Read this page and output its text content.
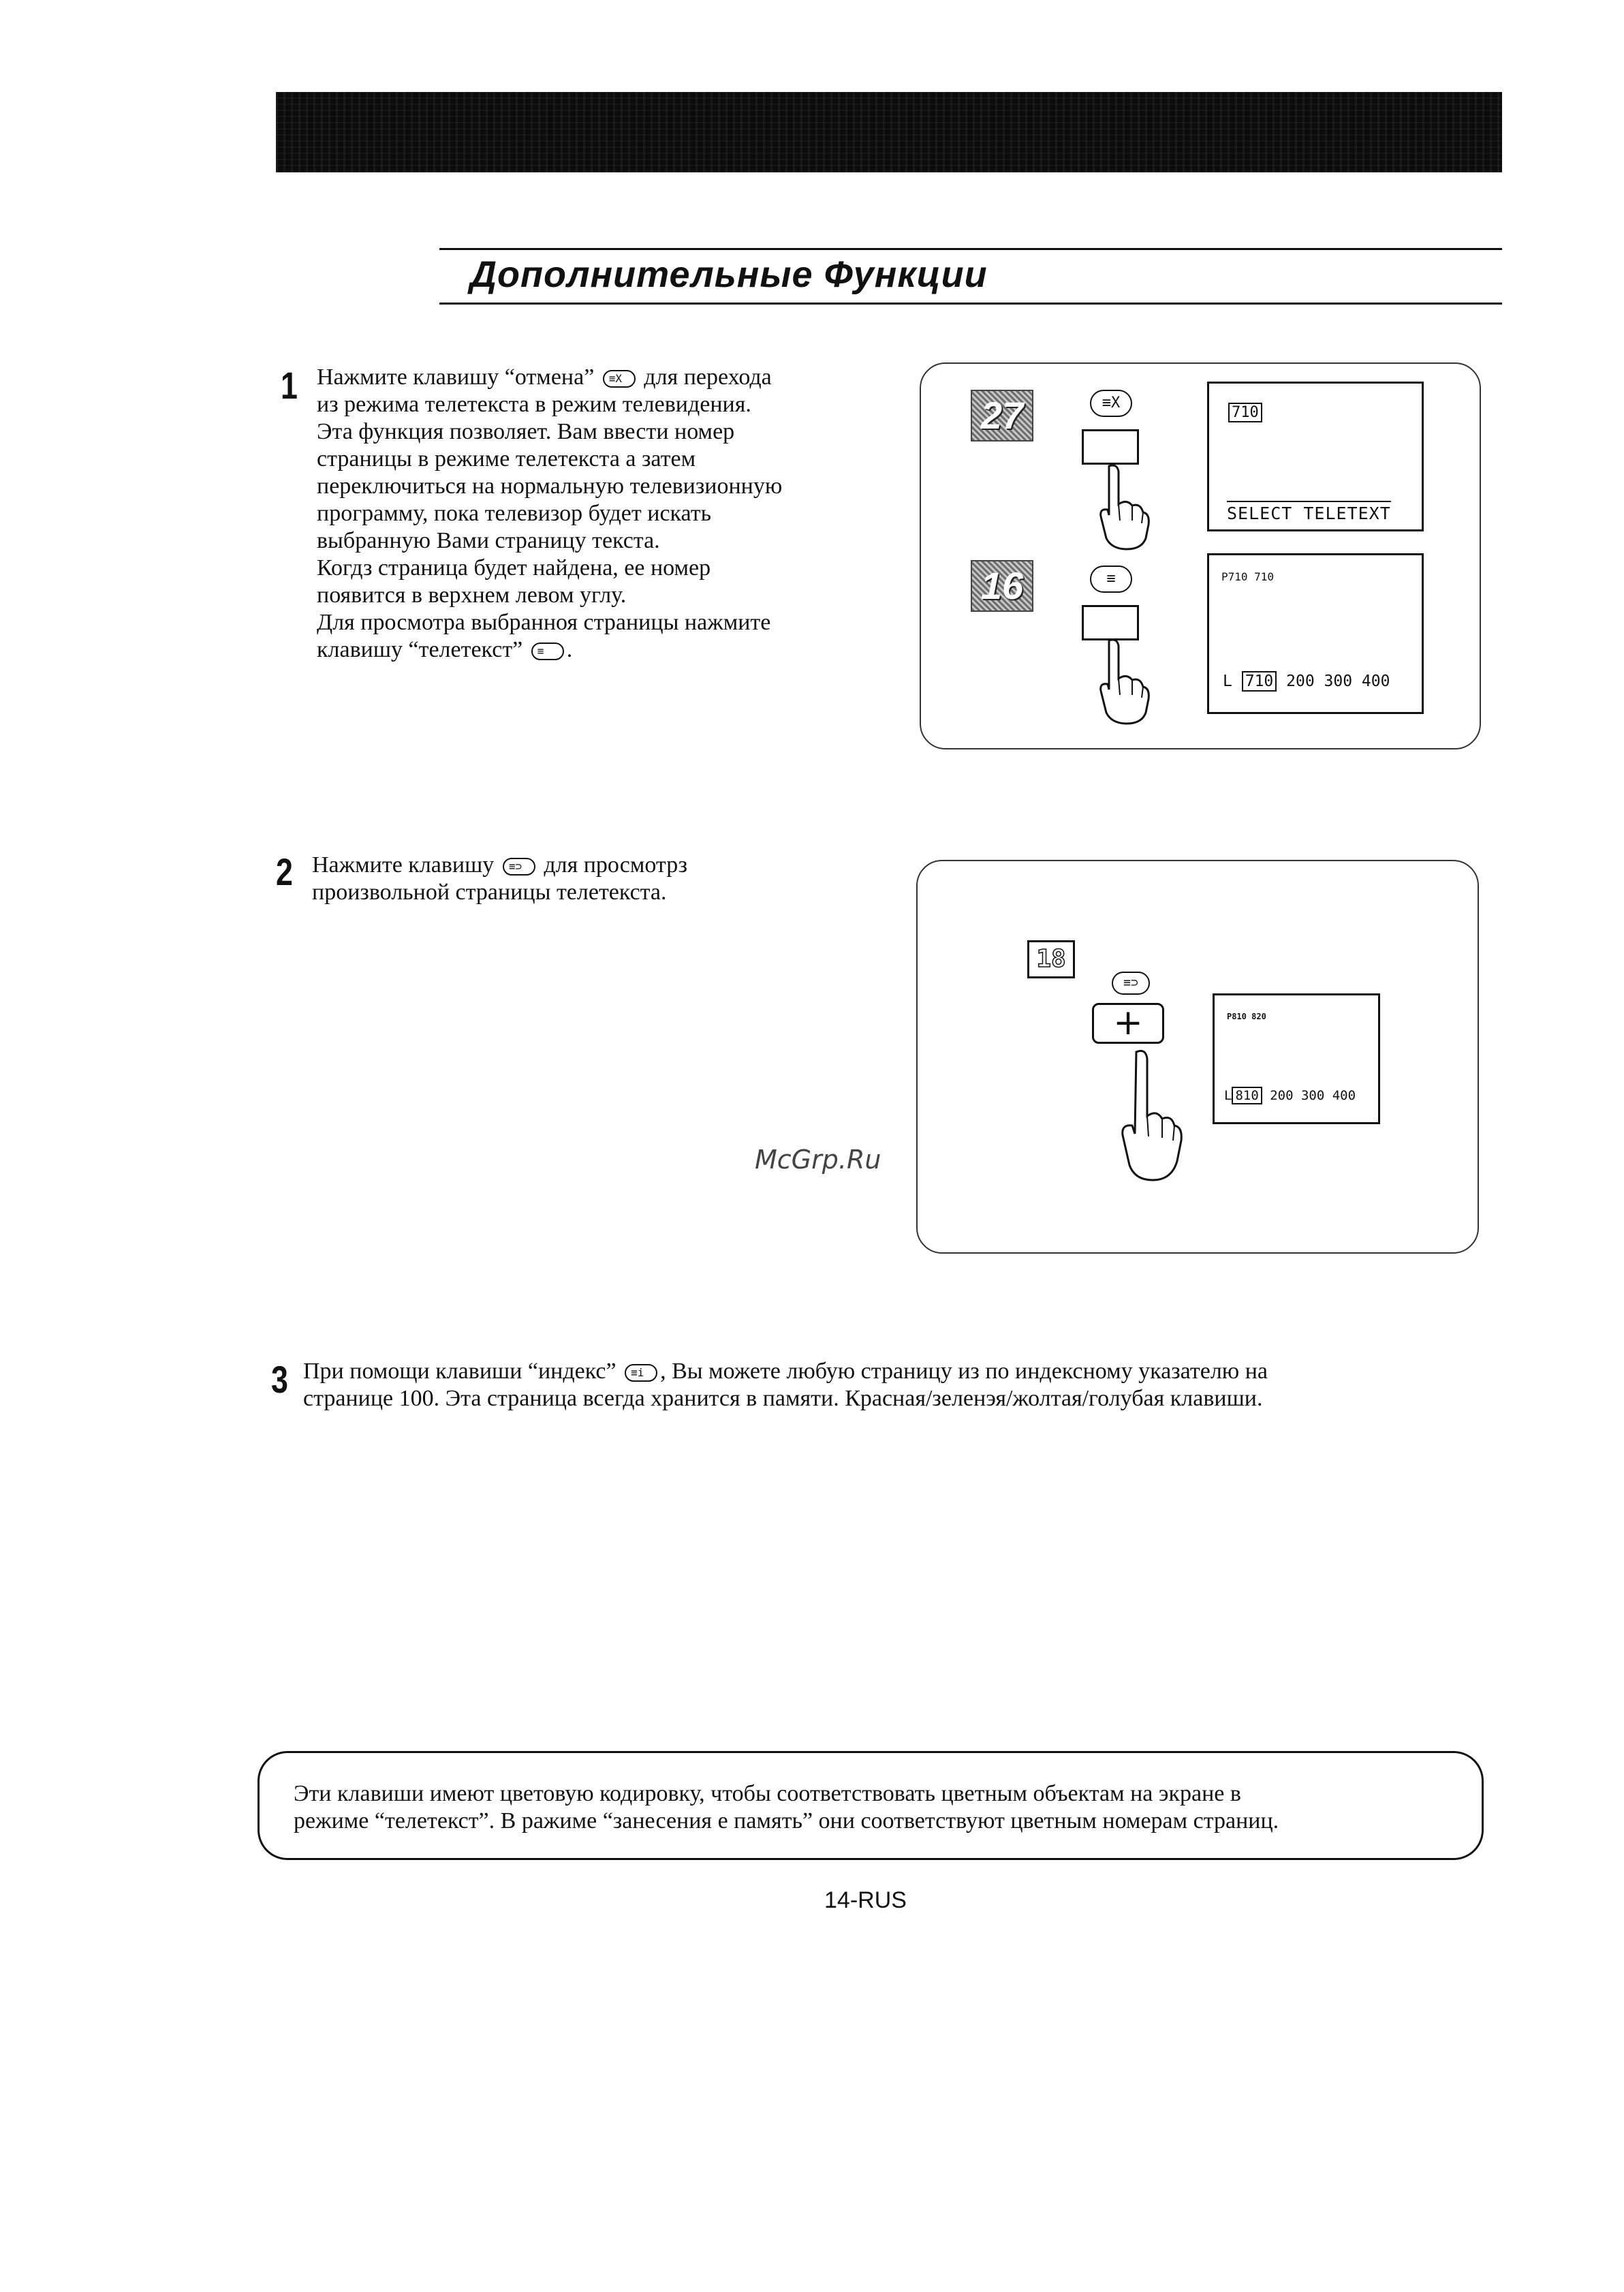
Дополнительные Функции
1 Нажмите клавишу “отмена” ≡X для перехода
из режима телетекста в режим телевидения.
Эта функция позволяет. Вам ввести номер
страницы в режиме телетекста а затем
переключиться на нормальную телевизионную
программу, пока телевизор будет искать
выбранную Вами страницу текста.
Когдз страница будет найдена, ее номер
появится в верхнем левом углу.
Для просмотра выбранноя страницы нажмите
клавишу “телетекст” ≡ .
27	≡X
710
SELECT TELETEXT
16	≡	P710 710
L 710 200 300 400
2 Нажмите клавишу ≡⊃ для просмотрз
произвольной страницы телетекста.
18
≡⊃
+	P810 820
L 810 200 300 400
McGrp.Ru
3 При помощи клавиши “индекс” ≡i , Вы можете любую страницу из по индексному указателю на
странице 100. Эта страница всегда хранится в памяти. Красная/зеленэя/жолтая/голубая клавиши.
Эти клавиши имеют цветовую кодировку, чтобы соответствовать цветным объектам на экране в
режиме “телетекст”. В ражиме “занесения е память” они соответствуют цветным номерам страниц.
14-RUS
